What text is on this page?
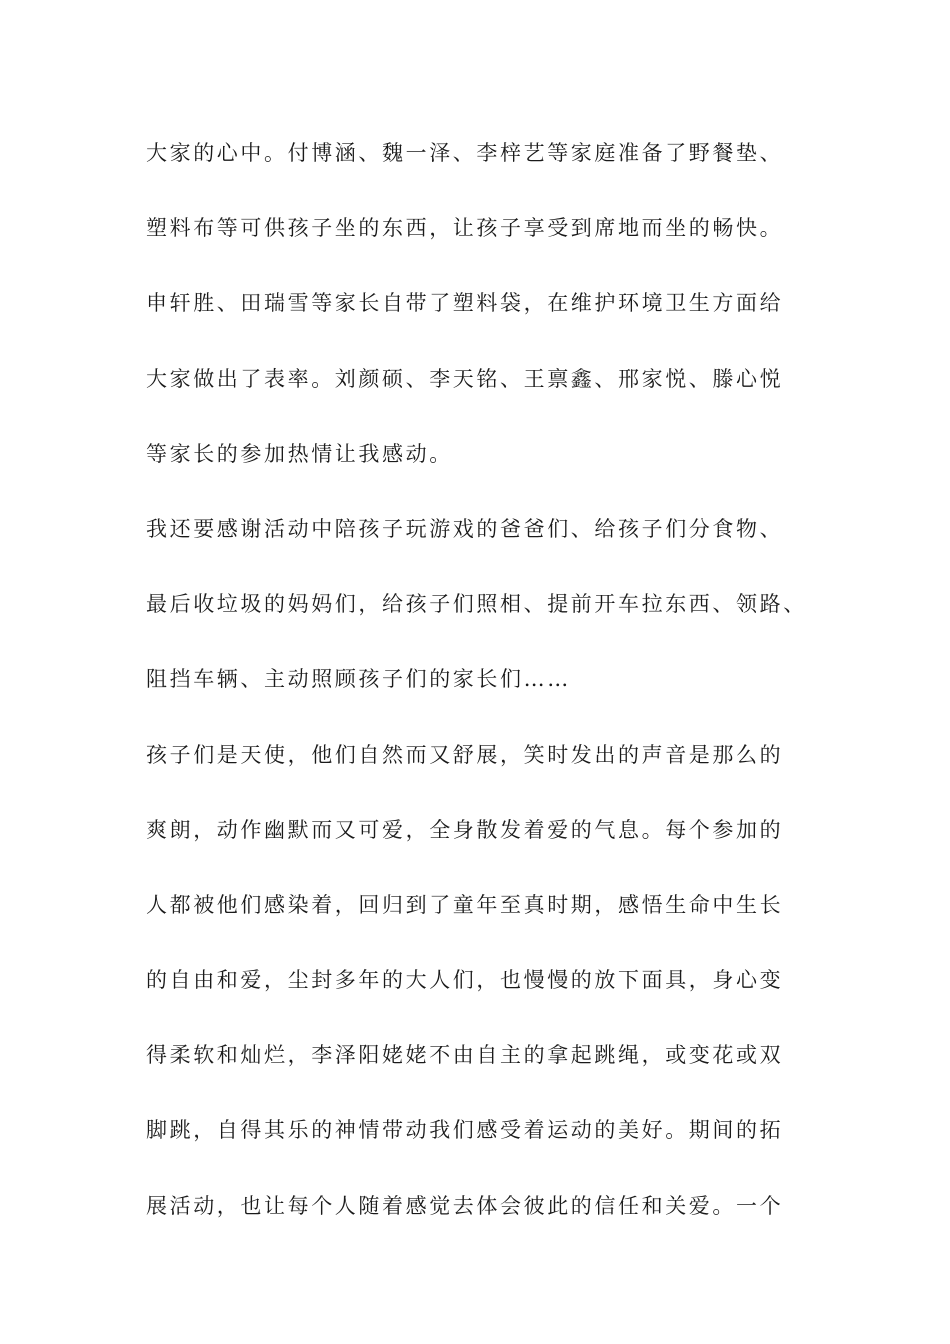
大家的心中。付博涵、魏一泽、李梓艺等家庭准备了野餐垫、
塑料布等可供孩子坐的东西，让孩子享受到席地而坐的畅快。
申轩胜、田瑞雪等家长自带了塑料袋，在维护环境卫生方面给
大家做出了表率。刘颜硕、李天铭、王禀鑫、邢家悦、滕心悦
等家长的参加热情让我感动。
我还要感谢活动中陪孩子玩游戏的爸爸们、给孩子们分食物、
最后收垃圾的妈妈们，给孩子们照相、提前开车拉东西、领路、
阻挡车辆、主动照顾孩子们的家长们……
孩子们是天使，他们自然而又舒展，笑时发出的声音是那么的
爽朗，动作幽默而又可爱，全身散发着爱的气息。每个参加的
人都被他们感染着，回归到了童年至真时期，感悟生命中生长
的自由和爱，尘封多年的大人们，也慢慢的放下面具，身心变
得柔软和灿烂，李泽阳姥姥不由自主的拿起跳绳，或变花或双
脚跳，自得其乐的神情带动我们感受着运动的美好。期间的拓
展活动，也让每个人随着感觉去体会彼此的信任和关爱。一个
